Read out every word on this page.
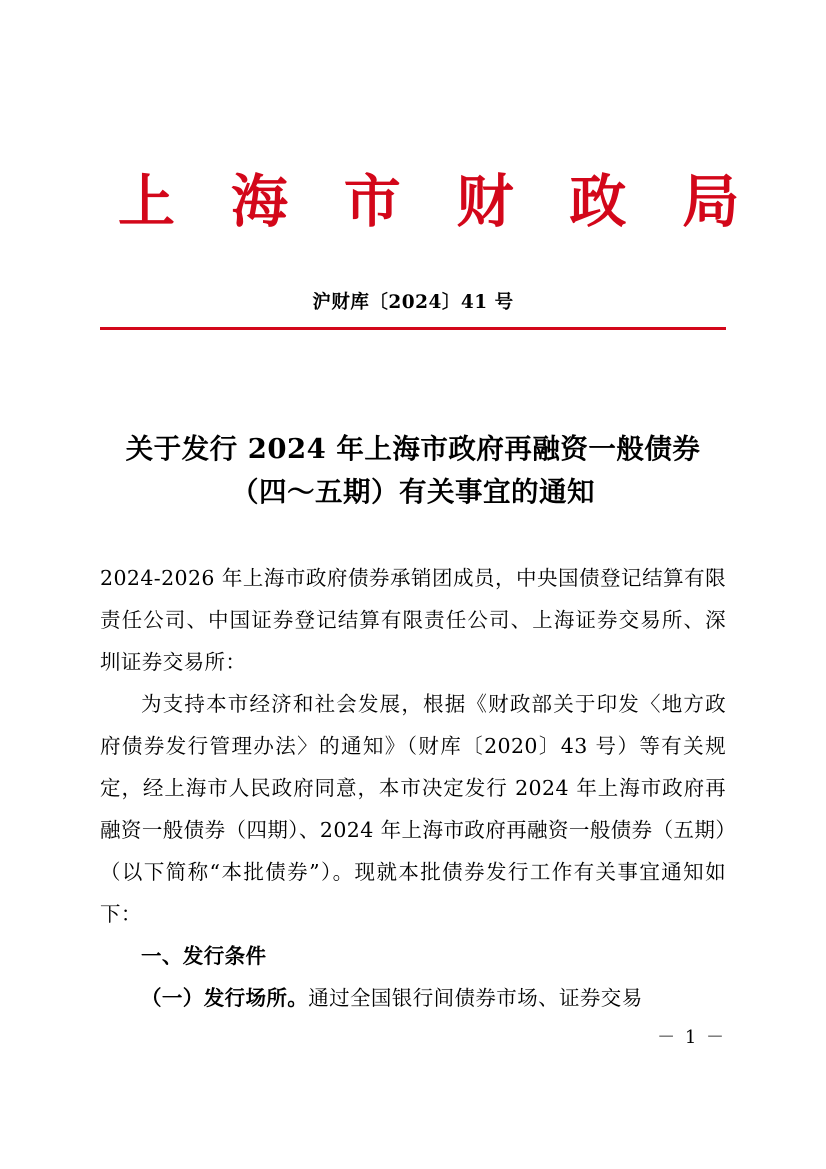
上 海 市 财 政 局
沪财库〔2024〕41 号
关于发行 2024 年上海市政府再融资一般债券
（四～五期）有关事宜的通知

2024-2026 年上海市政府债券承销团成员，中央国债登记结算有限责任公司、中国证券登记结算有限责任公司、上海证券交易所、深圳证券交易所：

为支持本市经济和社会发展，根据《财政部关于印发〈地方政府债券发行管理办法〉的通知》（财库〔2020〕43 号）等有关规定，经上海市人民政府同意，本市决定发行 2024 年上海市政府再融资一般债券（四期）、2024 年上海市政府再融资一般债券（五期）（以下简称“本批债券”）。现就本批债券发行工作有关事宜通知如下：

一、发行条件

（一）发行场所。通过全国银行间债券市场、证券交易

－ 1 －
